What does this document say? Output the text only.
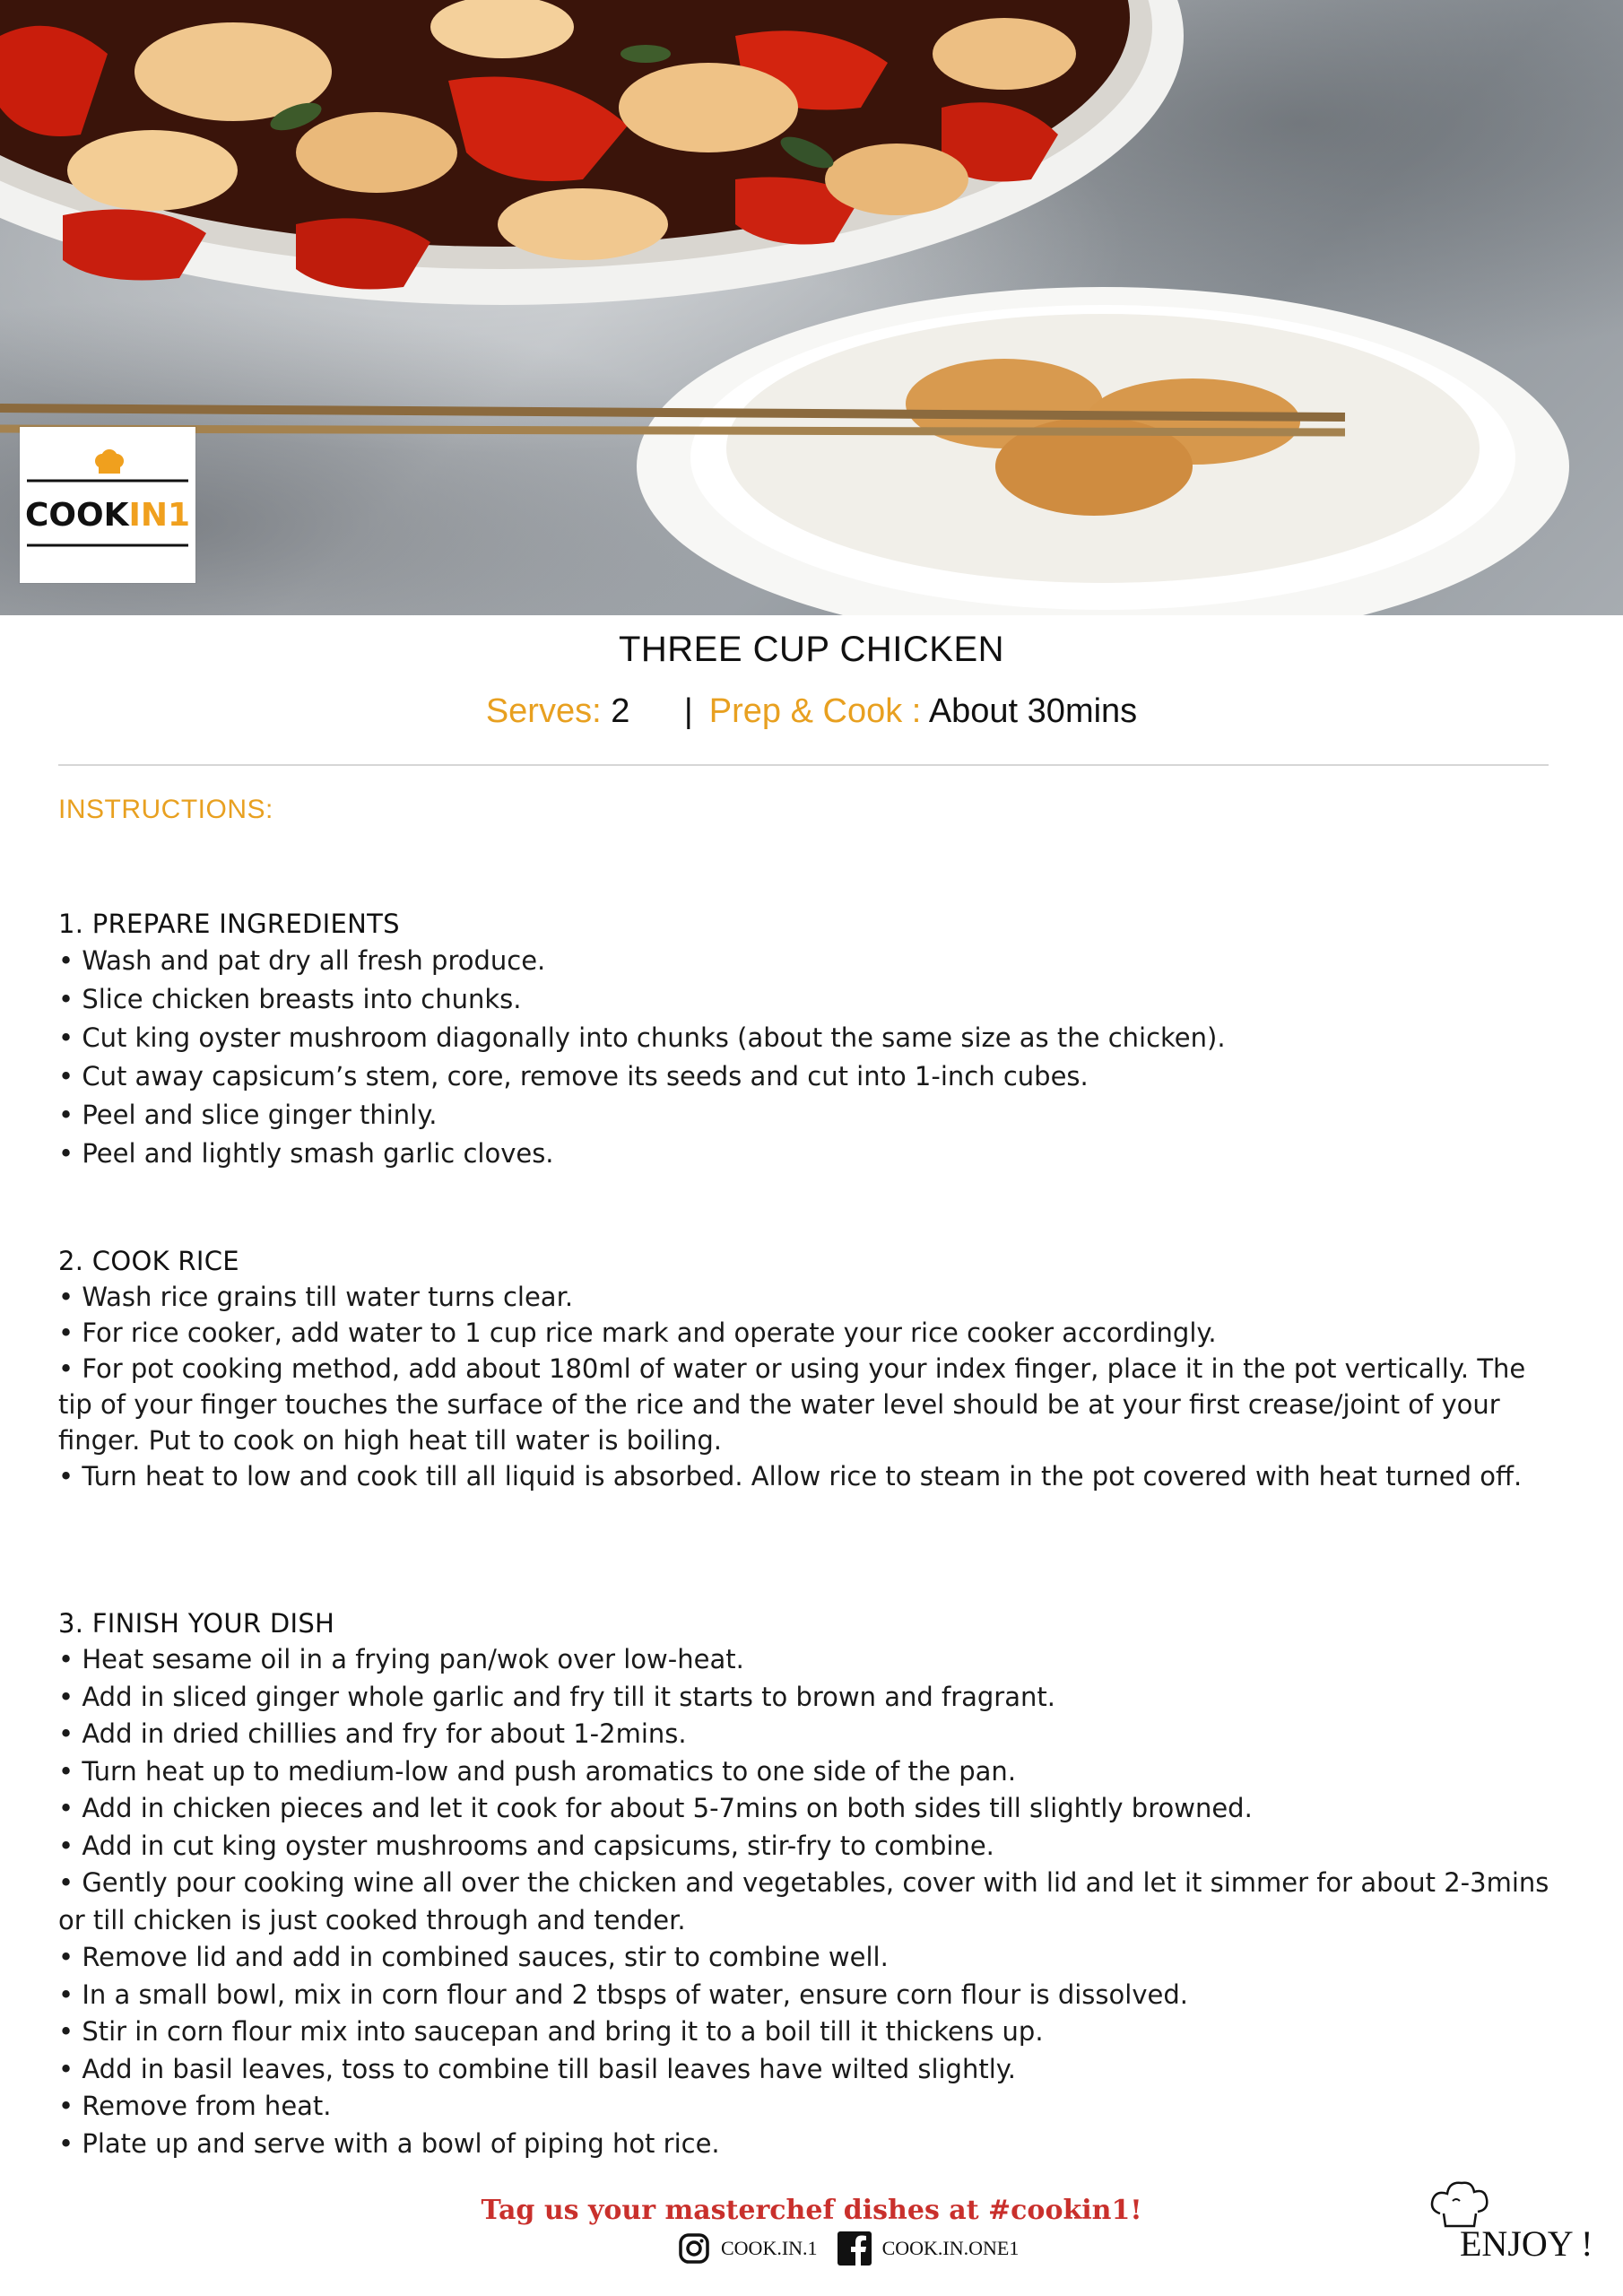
COOKIN1
THREE CUP CHICKEN
Serves: 2 | Prep & Cook : About 30mins
INSTRUCTIONS:
1. PREPARE INGREDIENTS
• Wash and pat dry all fresh produce.
• Slice chicken breasts into chunks.
• Cut king oyster mushroom diagonally into chunks (about the same size as the chicken).
• Cut away capsicum’s stem, core, remove its seeds and cut into 1-inch cubes.
• Peel and slice ginger thinly.
• Peel and lightly smash garlic cloves.
2. COOK RICE
• Wash rice grains till water turns clear.
• For rice cooker, add water to 1 cup rice mark and operate your rice cooker accordingly.
• For pot cooking method, add about 180ml of water or using your index finger, place it in the pot vertically. The tip of your finger touches the surface of the rice and the water level should be at your first crease/joint of your finger. Put to cook on high heat till water is boiling.
• Turn heat to low and cook till all liquid is absorbed. Allow rice to steam in the pot covered with heat turned off.
3. FINISH YOUR DISH
• Heat sesame oil in a frying pan/wok over low-heat.
• Add in sliced ginger whole garlic and fry till it starts to brown and fragrant.
• Add in dried chillies and fry for about 1-2mins.
• Turn heat up to medium-low and push aromatics to one side of the pan.
• Add in chicken pieces and let it cook for about 5-7mins on both sides till slightly browned.
• Add in cut king oyster mushrooms and capsicums, stir-fry to combine.
• Gently pour cooking wine all over the chicken and vegetables, cover with lid and let it simmer for about 2-3mins or till chicken is just cooked through and tender.
• Remove lid and add in combined sauces, stir to combine well.
• In a small bowl, mix in corn flour and 2 tbsps of water, ensure corn flour is dissolved.
• Stir in corn flour mix into saucepan and bring it to a boil till it thickens up.
• Add in basil leaves, toss to combine till basil leaves have wilted slightly.
• Remove from heat.
• Plate up and serve with a bowl of piping hot rice.
Tag us your masterchef dishes at #cookin1!
COOK.IN.1	COOK.IN.ONE1	ENJOY !
